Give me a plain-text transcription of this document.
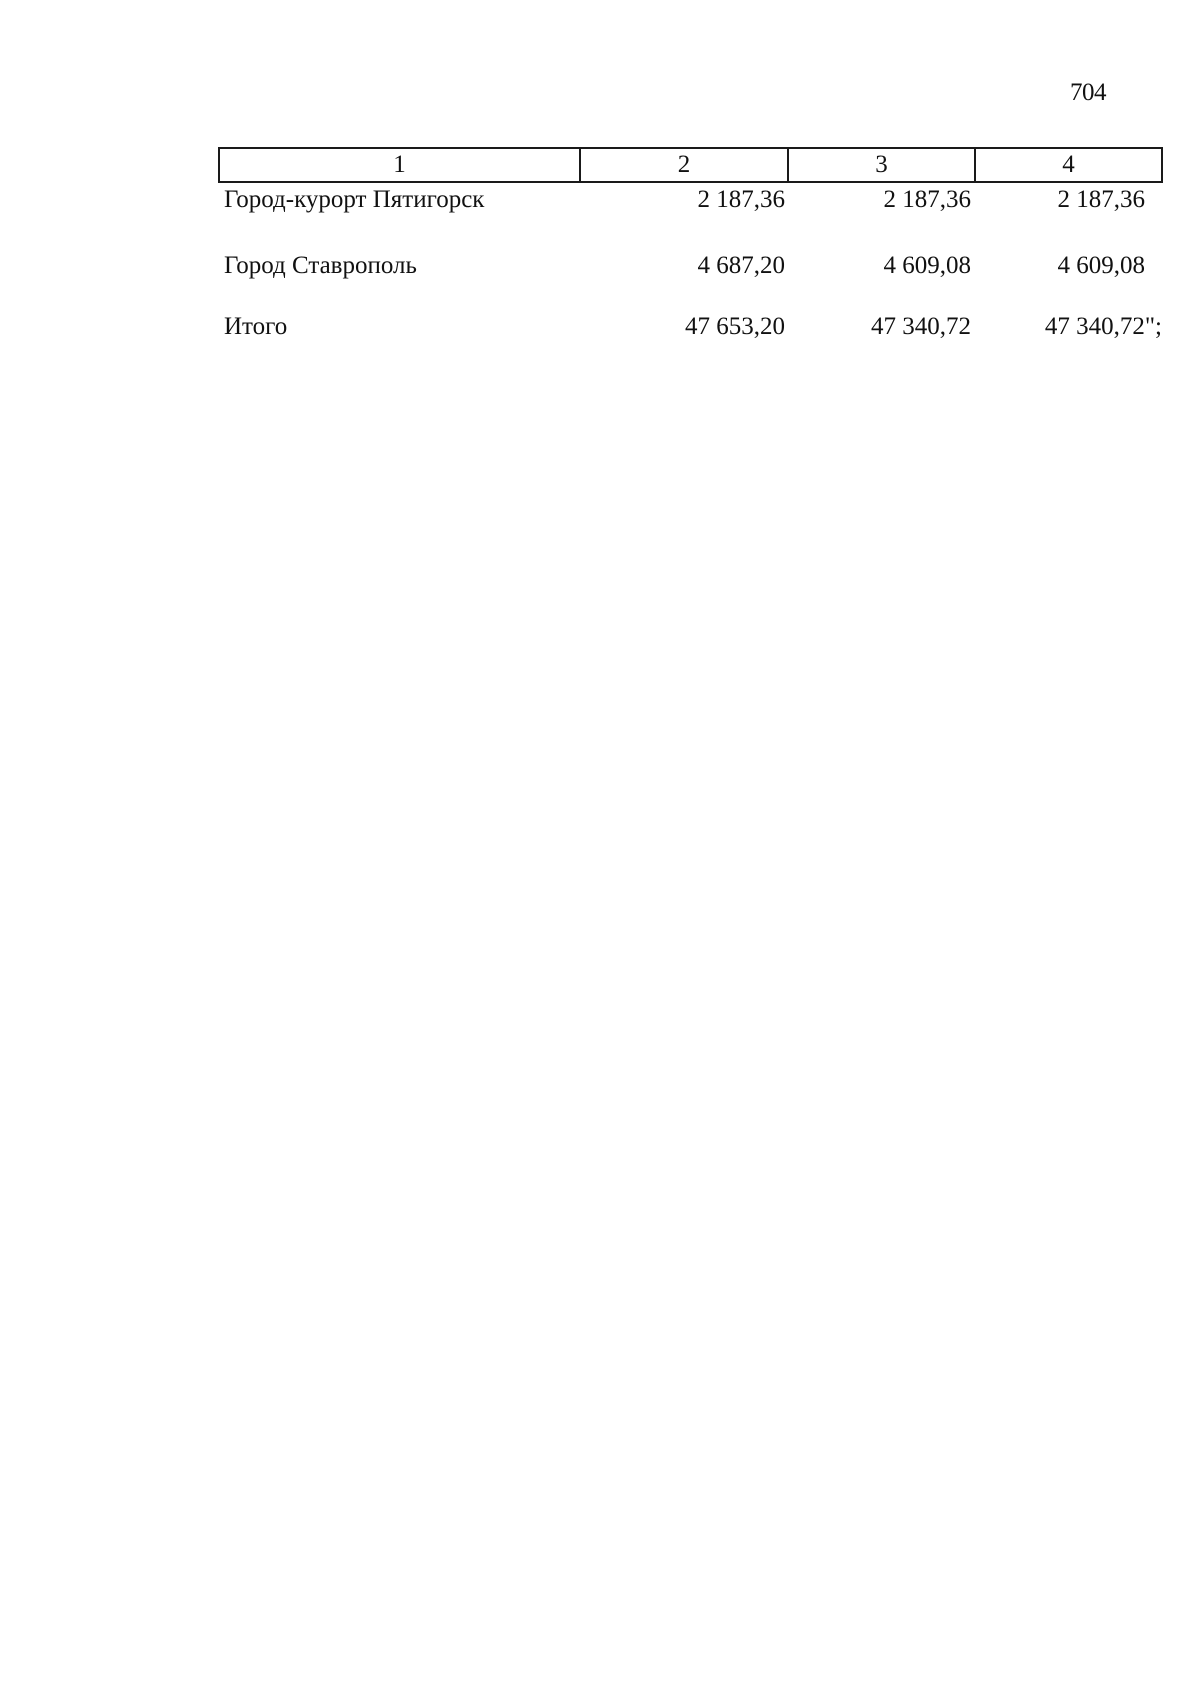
704
1	2	3	4
Город-курорт Пятигорск	2 187,36	2 187,36	2 187,36
Город Ставрополь	4 687,20	4 609,08	4 609,08

Итого	47 653,20	47 340,72	47 340,72";
